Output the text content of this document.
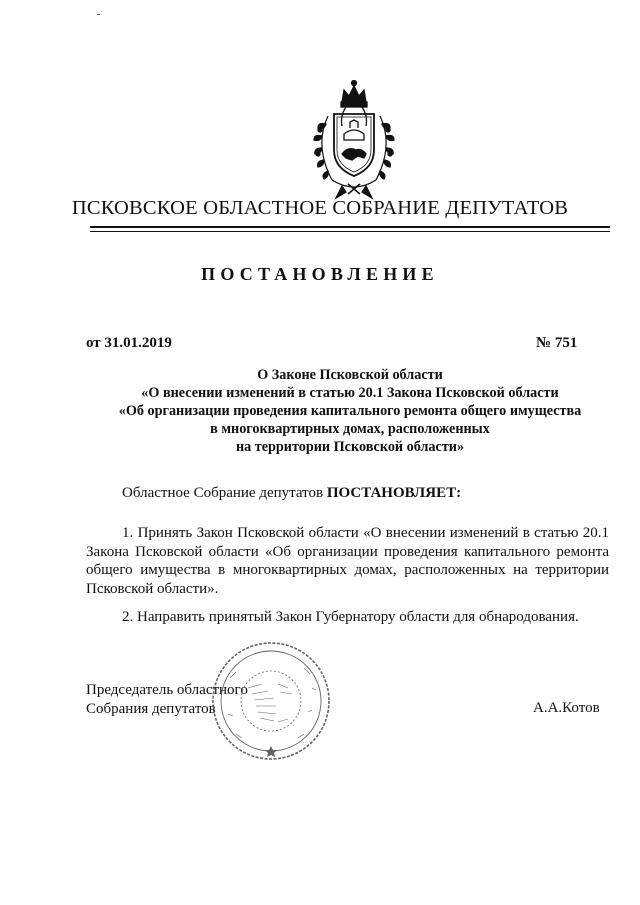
ПСКОВСКОЕ ОБЛАСТНОЕ СОБРАНИЕ ДЕПУТАТОВ
ПОСТАНОВЛЕНИЕ
от 31.01.2019	№ 751
О Законе Псковской области
«О внесении изменений в статью 20.1 Закона Псковской области
«Об организации проведения капитального ремонта общего имущества
в многоквартирных домах, расположенных
на территории Псковской области»
Областное Собрание депутатов ПОСТАНОВЛЯЕТ:
1. Принять Закон Псковской области «О внесении изменений в статью 20.1
Закона Псковской области «Об организации проведения капитального ремонта
общего имущества в многоквартирных домах, расположенных на территории
Псковской области».
2. Направить принятый Закон Губернатору области для обнародования.
Председатель областного
Собрания депутатов	А.А.Котов
